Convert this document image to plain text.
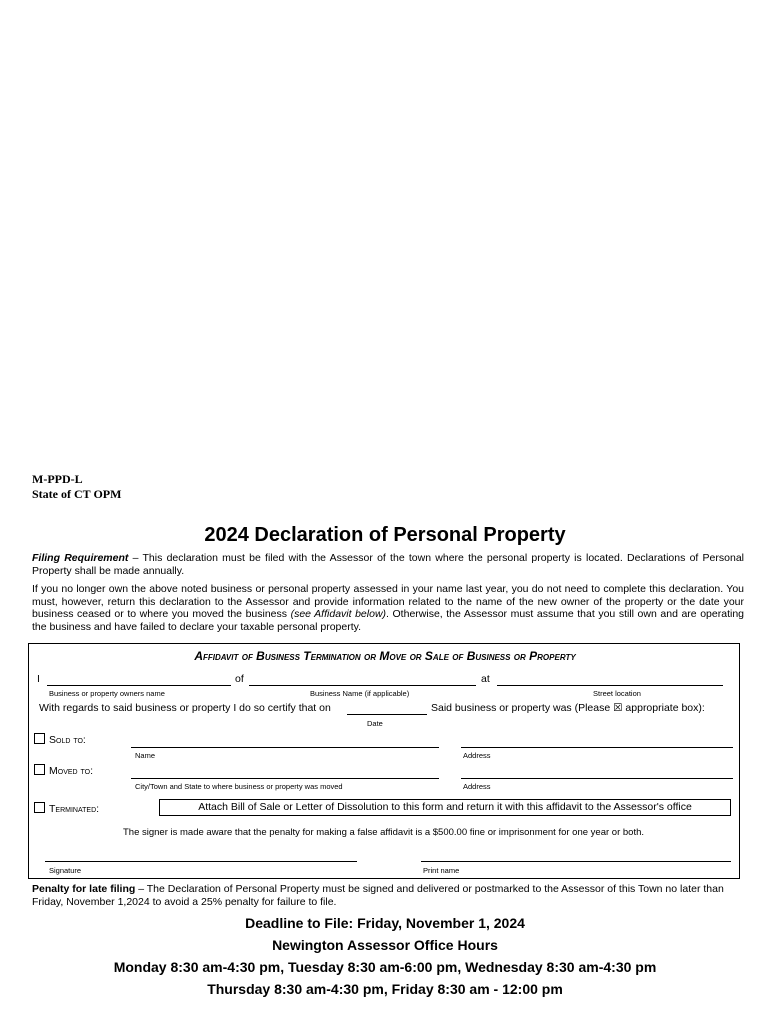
M-PPD-L
State of CT OPM
2024 Declaration of Personal Property
Filing Requirement – This declaration must be filed with the Assessor of the town where the personal property is located. Declarations of Personal Property shall be made annually.
If you no longer own the above noted business or personal property assessed in your name last year, you do not need to complete this declaration. You must, however, return this declaration to the Assessor and provide information related to the name of the new owner of the property or the date your business ceased or to where you moved the business (see Affidavit below). Otherwise, the Assessor must assume that you still own and are operating the business and have failed to declare your taxable personal property.
Affidavit of Business Termination or Move or Sale of Business or Property
I	of	at
Business or property owners name	Business Name (if applicable)	Street location
With regards to said business or property I do so certify that on	Said business or property was (Please ☒ appropriate box):
Date
Sold to:
Name	Address
Moved to:
City/Town and State to where business or property was moved	Address
Terminated:	Attach Bill of Sale or Letter of Dissolution to this form and return it with this affidavit to the Assessor's office
The signer is made aware that the penalty for making a false affidavit is a $500.00 fine or imprisonment for one year or both.
Signature	Print name
Penalty for late filing – The Declaration of Personal Property must be signed and delivered or postmarked to the Assessor of this Town no later than Friday, November 1,2024 to avoid a 25% penalty for failure to file.
Deadline to File: Friday, November 1, 2024
Newington Assessor Office Hours
Monday 8:30 am-4:30 pm, Tuesday 8:30 am-6:00 pm, Wednesday 8:30 am-4:30 pm
Thursday 8:30 am-4:30 pm, Friday 8:30 am - 12:00 pm
